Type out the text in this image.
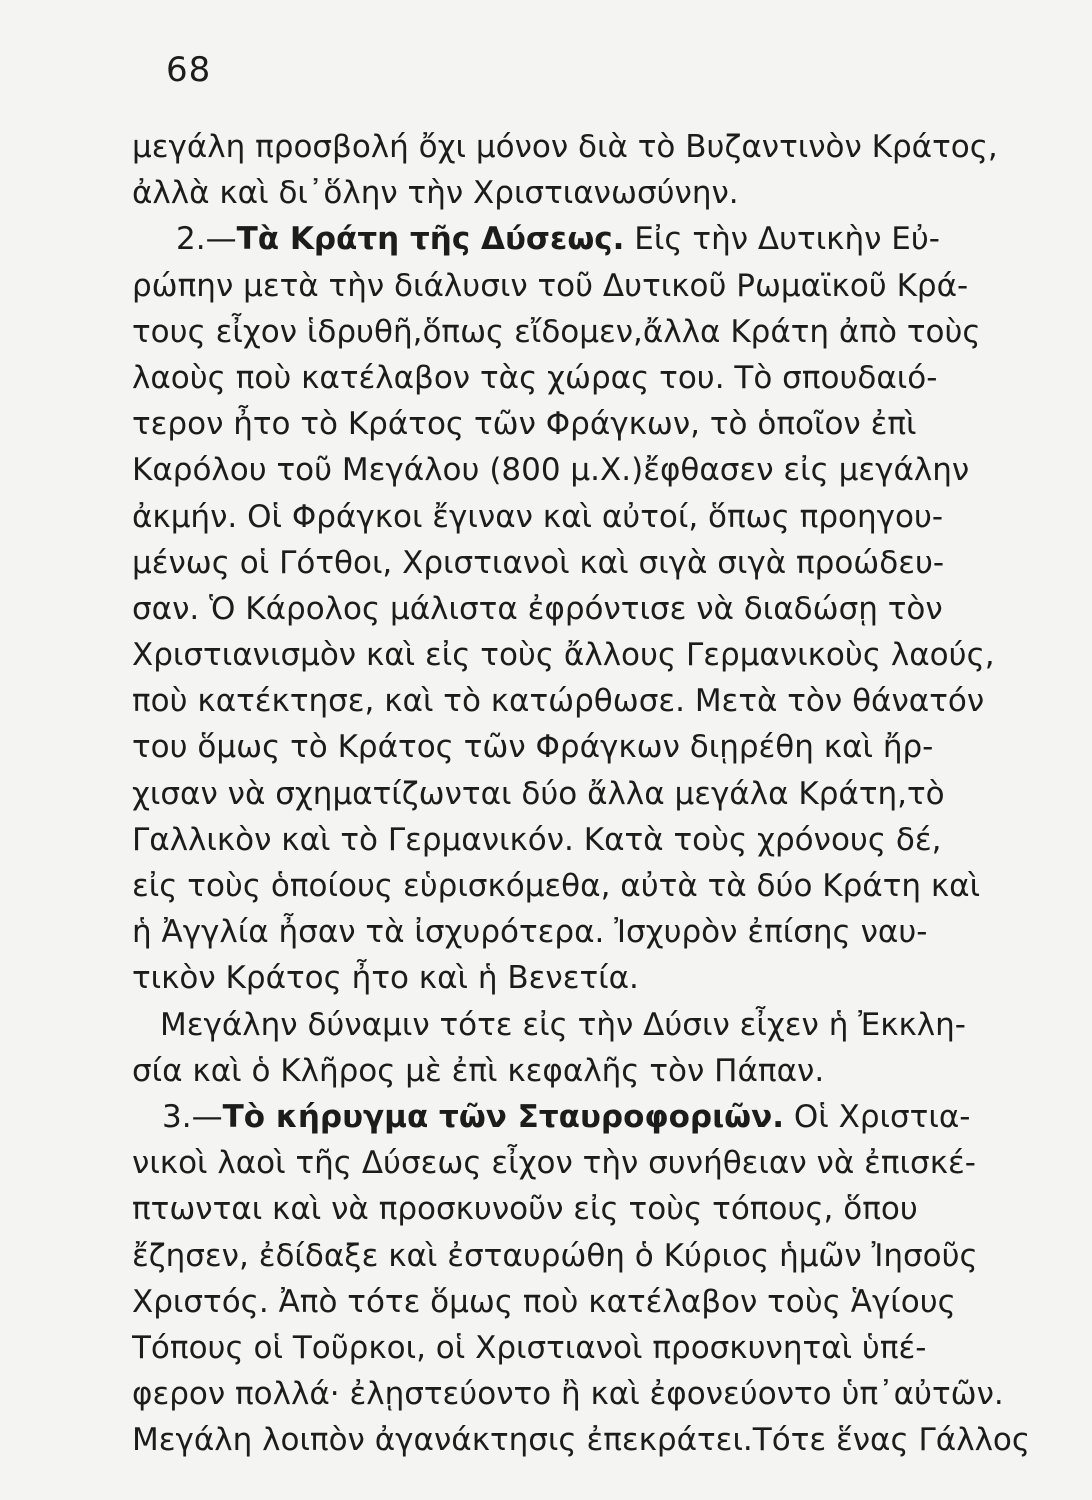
68
μεγάλη προσβολή ὄχι μόνον διὰ τὸ Βυζαντινὸν Κράτος,
ἀλλὰ καὶ δι᾿ὅλην τὴν Χριστιανωσύνην.
2.—Τὰ Κράτη τῆς Δύσεως. Εἰς τὴν Δυτικὴν Εὐ-
ρώπην μετὰ τὴν διάλυσιν τοῦ Δυτικοῦ Ρωμαϊκοῦ Κρά-
τους εἶχον ἱδρυθῆ,ὅπως εἴδομεν,ἄλλα Κράτη ἀπὸ τοὺς
λαοὺς ποὺ κατέλαβον τὰς χώρας του. Τὸ σπουδαιό-
τερον ἦτο τὸ Κράτος τῶν Φράγκων, τὸ ὁποῖον ἐπὶ
Καρόλου τοῦ Μεγάλου (800 μ.Χ.)ἔφθασεν εἰς μεγάλην
ἀκμήν. Οἱ Φράγκοι ἔγιναν καὶ αὐτοί, ὅπως προηγου-
μένως οἱ Γότθοι, Χριστιανοὶ καὶ σιγὰ σιγὰ προώδευ-
σαν. Ὁ Κάρολος μάλιστα ἐφρόντισε νὰ διαδώσῃ τὸν
Χριστιανισμὸν καὶ εἰς τοὺς ἄλλους Γερμανικοὺς λαούς,
ποὺ κατέκτησε, καὶ τὸ κατώρθωσε. Μετὰ τὸν θάνατόν
του ὅμως τὸ Κράτος τῶν Φράγκων διῃρέθη καὶ ἤρ-
χισαν νὰ σχηματίζωνται δύο ἄλλα μεγάλα Κράτη,τὸ
Γαλλικὸν καὶ τὸ Γερμανικόν. Κατὰ τοὺς χρόνους δέ,
εἰς τοὺς ὁποίους εὑρισκόμεθα, αὐτὰ τὰ δύο Κράτη καὶ
ἡ Ἀγγλία ἦσαν τὰ ἰσχυρότερα. Ἰσχυρὸν ἐπίσης ναυ-
τικὸν Κράτος ἦτο καὶ ἡ Βενετία.
Μεγάλην δύναμιν τότε εἰς τὴν Δύσιν εἶχεν ἡ Ἐκκλη-
σία καὶ ὁ Κλῆρος μὲ ἐπὶ κεφαλῆς τὸν Πάπαν.
3.—Τὸ κήρυγμα τῶν Σταυροφοριῶν. Οἱ Χριστια-
νικοὶ λαοὶ τῆς Δύσεως εἶχον τὴν συνήθειαν νὰ ἐπισκέ-
πτωνται καὶ νὰ προσκυνοῦν εἰς τοὺς τόπους, ὅπου
ἔζησεν, ἐδίδαξε καὶ ἐσταυρώθη ὁ Κύριος ἡμῶν Ἰησοῦς
Χριστός. Ἀπὸ τότε ὅμως ποὺ κατέλαβον τοὺς Ἁγίους
Τόπους οἱ Τοῦρκοι, οἱ Χριστιανοὶ προσκυνηταὶ ὑπέ-
φερον πολλά· ἐλῃστεύοντο ἢ καὶ ἐφονεύοντο ὑπ᾿αὐτῶν.
Μεγάλη λοιπὸν ἀγανάκτησις ἐπεκράτει.Τότε ἕνας Γάλλος
